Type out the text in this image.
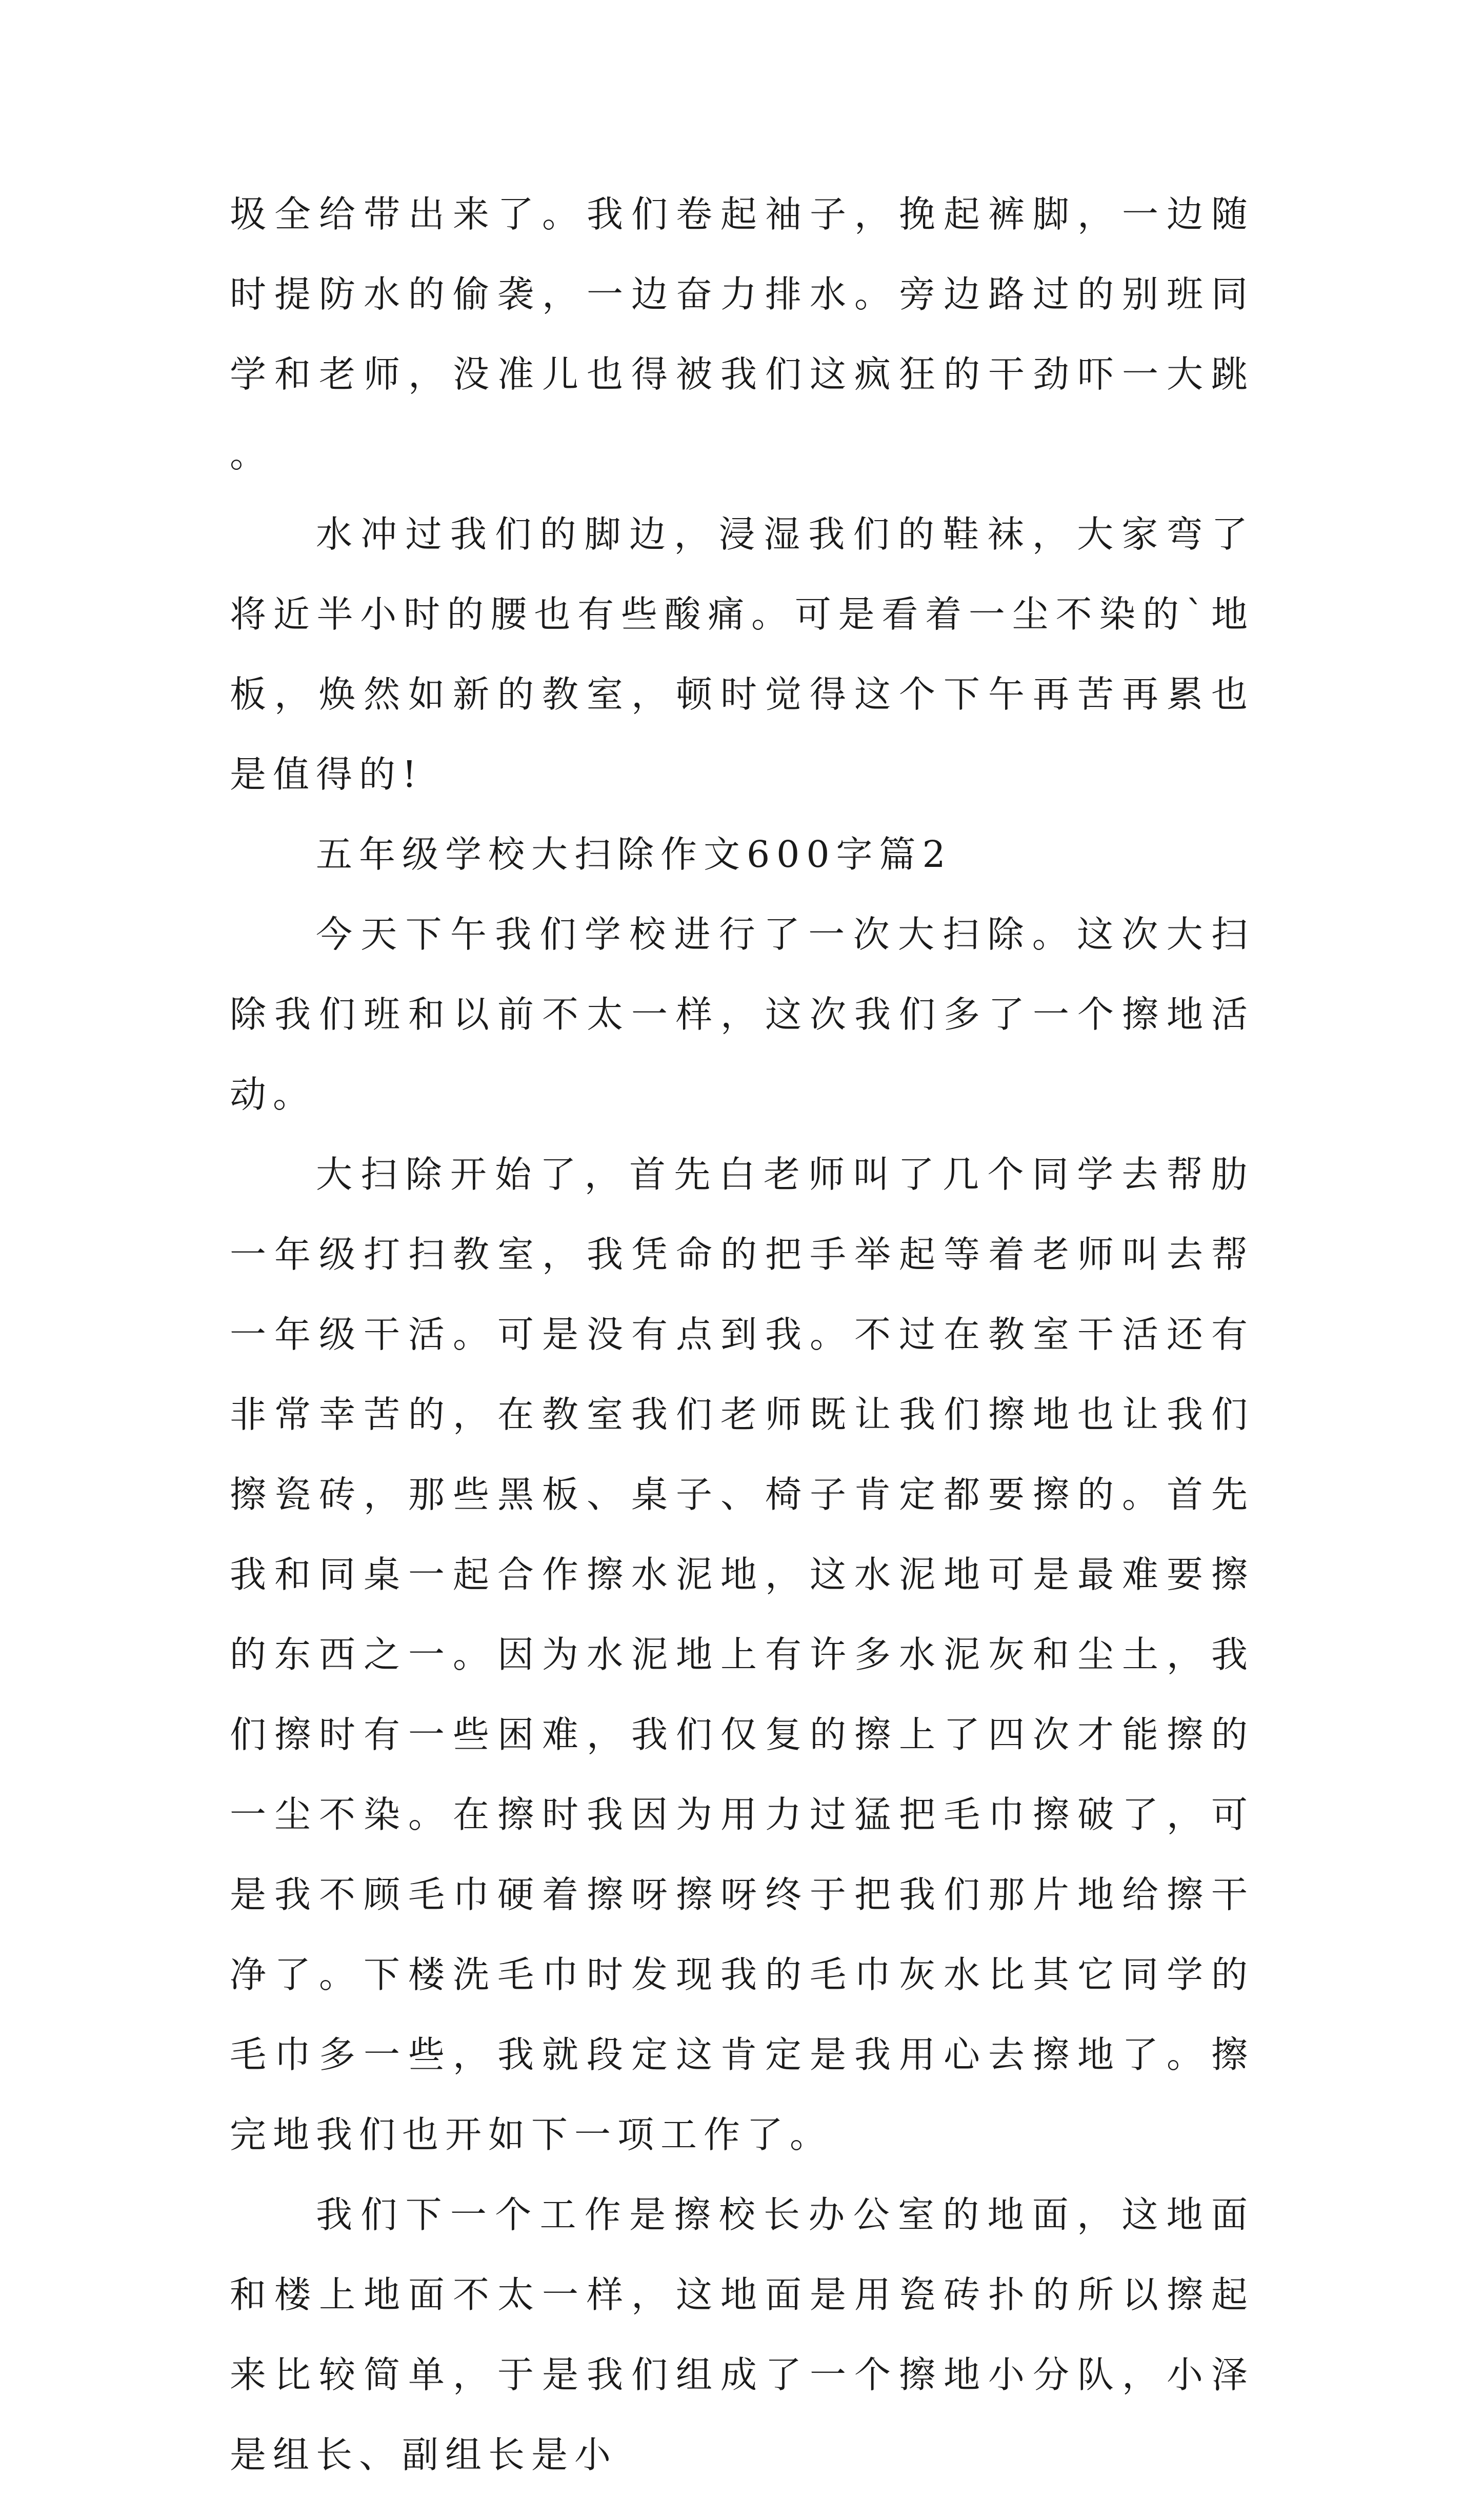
圾全给带出来了。我们卷起袖子，挽起裤脚，一边随时提防水的偷袭，一边奋力排水。旁边路过的别班同学和老师，没准儿也得被我们这疯狂的干劲吓一大跳。

水冲过我们的脚边，浸湿我们的鞋袜，大家弯了将近半小时的腰也有些酸痛。可是看着一尘不染的`地板，焕然如新的教室，顿时觉得这个下午再苦再累也是值得的!

五年级学校大扫除作文600字篇2

今天下午我们学校进行了一次大扫除。这次大扫除我们班和以前不太一样，这次我们多了一个擦地活动。

大扫除开始了，首先白老师叫了几个同学去帮肋一年级打扫教室，我凭命的把手举起等着老师叫去帮一年级干活。可是没有点到我。不过在教室干活还有非常幸苦的，在教室我们老师既让我们擦地也让我们擦瓷砖，那些黑板、桌子、椅子肯定都要擦的。首先我和同桌一起合作擦水泥地，这水泥地可是最难要擦的东西之一。因为水泥地上有许多水泥灰和尘土，我们擦时有一些困难，我们仅复的擦上了四次才能擦的一尘不染。在擦时我因为用力过猛把毛巾擦破了，可是我不顾毛巾硬着擦呀擦呀终于把我们那片地给擦干净了。下楼洗毛巾时发现我的毛巾灰水比其它同学的毛巾多一些，我就段定这肯定是我用心去擦地了。擦完地我们也开如下一项工作了。

我们下一个工作是擦校长办公室的地面，这地面和楼上地面不太一样，这地面是用瓷砖扑的所以擦起来比较简单，于是我们组成了一个擦地小分队，小泽是组长、副组长是小
